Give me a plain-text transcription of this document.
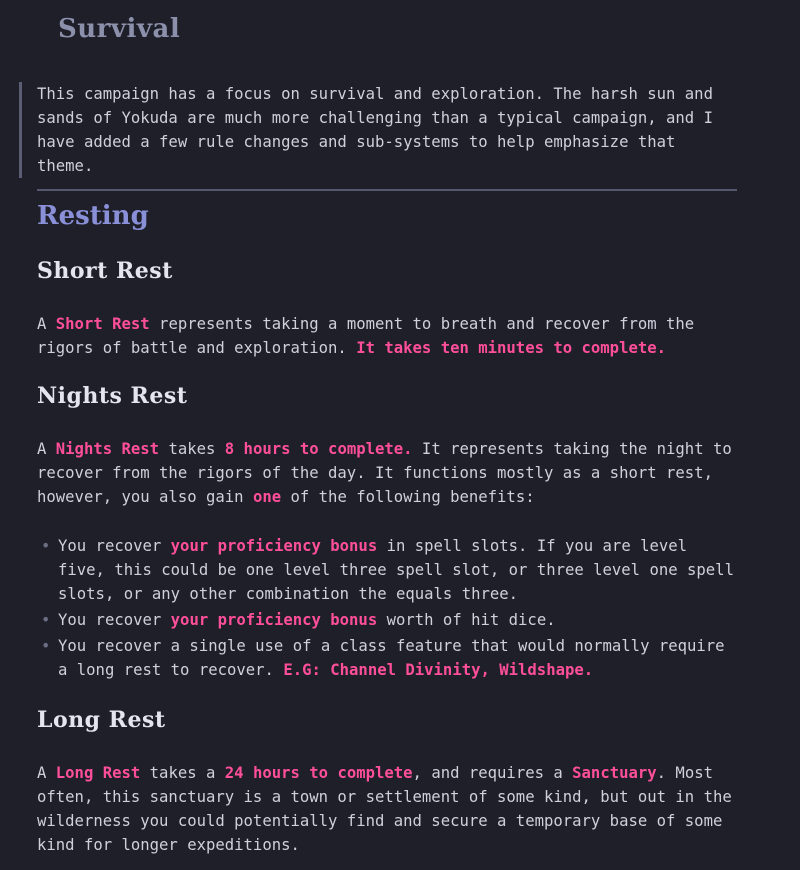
Survival

This campaign has a focus on survival and exploration. The harsh sun and sands of Yokuda are much more challenging than a typical campaign, and I have added a few rule changes and sub-systems to help emphasize that theme.

Resting
Short Rest

A Short Rest represents taking a moment to breath and recover from the rigors of battle and exploration. It takes ten minutes to complete.

Nights Rest

A Nights Rest takes 8 hours to complete. It represents taking the night to recover from the rigors of the day. It functions mostly as a short rest, however, you also gain one of the following benefits:

• You recover your proficiency bonus in spell slots. If you are level five, this could be one level three spell slot, or three level one spell slots, or any other combination the equals three.
• You recover your proficiency bonus worth of hit dice.
• You recover a single use of a class feature that would normally require a long rest to recover. E.G: Channel Divinity, Wildshape.
Long Rest

A Long Rest takes a 24 hours to complete, and requires a Sanctuary. Most often, this sanctuary is a town or settlement of some kind, but out in the wilderness you could potentially find and secure a temporary base of some kind for longer expeditions.
